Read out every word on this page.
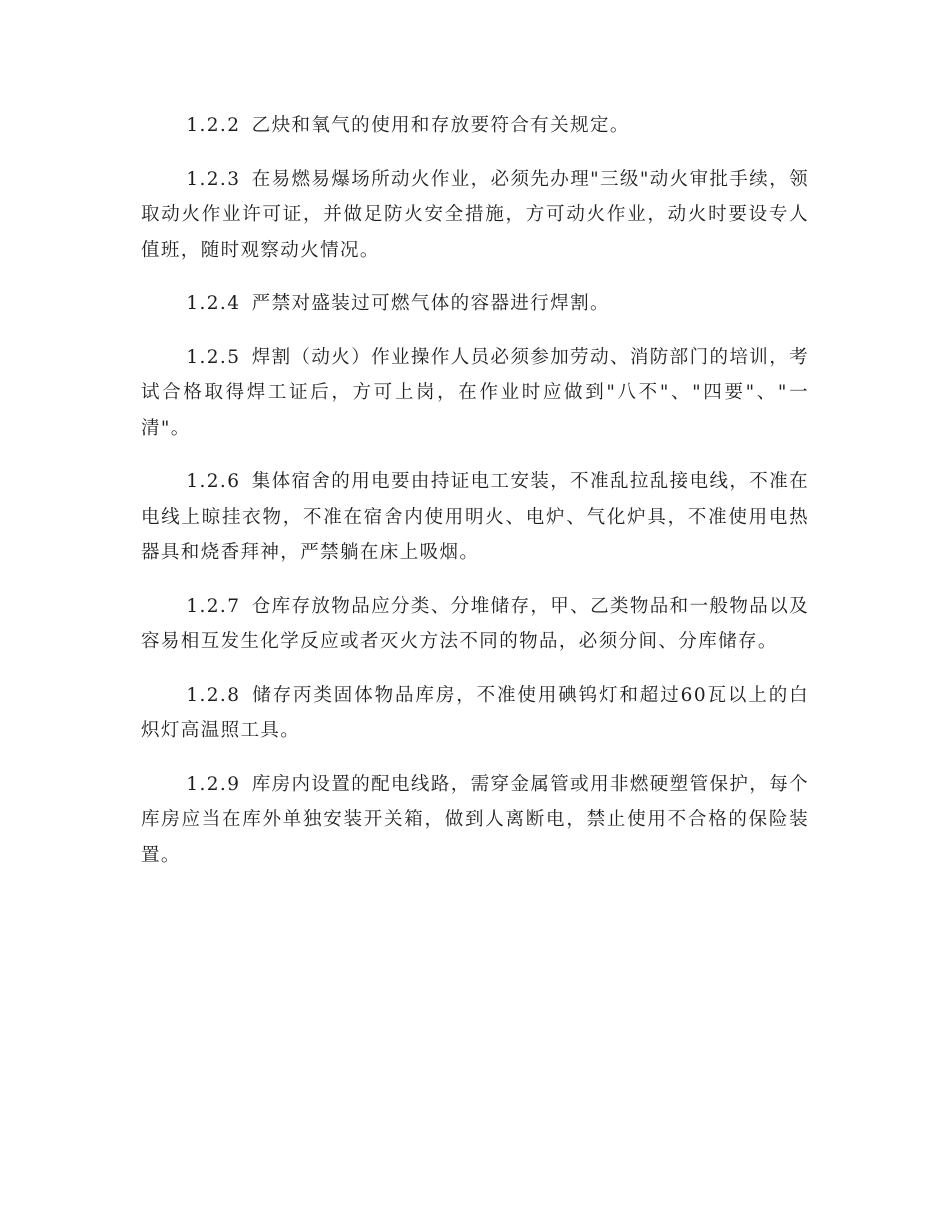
1.2.2 乙炔和氧气的使用和存放要符合有关规定。

1.2.3 在易燃易爆场所动火作业，必须先办理"三级"动火审批手续，领取动火作业许可证，并做足防火安全措施，方可动火作业，动火时要设专人值班，随时观察动火情况。

1.2.4 严禁对盛装过可燃气体的容器进行焊割。

1.2.5 焊割（动火）作业操作人员必须参加劳动、消防部门的培训，考试合格取得焊工证后，方可上岗，在作业时应做到"八不"、"四要"、"一清"。

1.2.6 集体宿舍的用电要由持证电工安装，不准乱拉乱接电线，不准在电线上晾挂衣物，不准在宿舍内使用明火、电炉、气化炉具，不准使用电热器具和烧香拜神，严禁躺在床上吸烟。

1.2.7 仓库存放物品应分类、分堆储存，甲、乙类物品和一般物品以及容易相互发生化学反应或者灭火方法不同的物品，必须分间、分库储存。

1.2.8 储存丙类固体物品库房，不准使用碘钨灯和超过60瓦以上的白炽灯高温照工具。

1.2.9 库房内设置的配电线路，需穿金属管或用非燃硬塑管保护，每个库房应当在库外单独安装开关箱，做到人离断电，禁止使用不合格的保险装置。
